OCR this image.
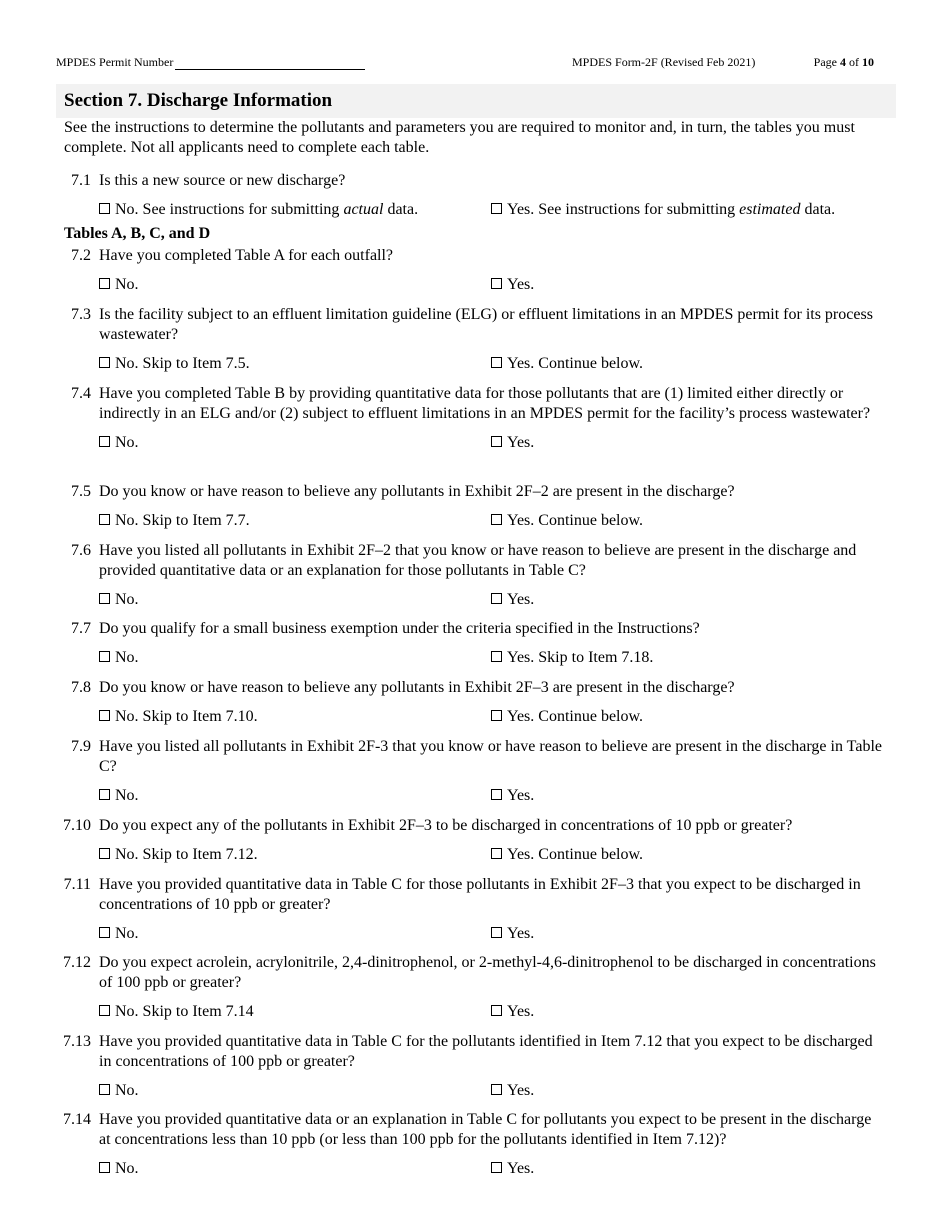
MPDES Permit Number	MPDES Form-2F (Revised Feb 2021)	Page 4 of 10
Section 7. Discharge Information
See the instructions to determine the pollutants and parameters you are required to monitor and, in turn, the tables you must complete. Not all applicants need to complete each table.
7.1 Is this a new source or new discharge?
No. See instructions for submitting actual data.	Yes. See instructions for submitting estimated data.
Tables A, B, C, and D
7.2 Have you completed Table A for each outfall?
No.	Yes.
7.3 Is the facility subject to an effluent limitation guideline (ELG) or effluent limitations in an MPDES permit for its process wastewater?
No. Skip to Item 7.5.	Yes. Continue below.
7.4 Have you completed Table B by providing quantitative data for those pollutants that are (1) limited either directly or indirectly in an ELG and/or (2) subject to effluent limitations in an MPDES permit for the facility’s process wastewater?
No.	Yes.
7.5 Do you know or have reason to believe any pollutants in Exhibit 2F–2 are present in the discharge?
No. Skip to Item 7.7.	Yes. Continue below.
7.6 Have you listed all pollutants in Exhibit 2F–2 that you know or have reason to believe are present in the discharge and provided quantitative data or an explanation for those pollutants in Table C?
No.	Yes.
7.7 Do you qualify for a small business exemption under the criteria specified in the Instructions?
No.	Yes. Skip to Item 7.18.
7.8 Do you know or have reason to believe any pollutants in Exhibit 2F–3 are present in the discharge?
No. Skip to Item 7.10.	Yes. Continue below.
7.9 Have you listed all pollutants in Exhibit 2F-3 that you know or have reason to believe are present in the discharge in Table C?
No.	Yes.
7.10 Do you expect any of the pollutants in Exhibit 2F–3 to be discharged in concentrations of 10 ppb or greater?
No. Skip to Item 7.12.	Yes. Continue below.
7.11 Have you provided quantitative data in Table C for those pollutants in Exhibit 2F–3 that you expect to be discharged in concentrations of 10 ppb or greater?
No.	Yes.
7.12 Do you expect acrolein, acrylonitrile, 2,4-dinitrophenol, or 2-methyl-4,6-dinitrophenol to be discharged in concentrations of 100 ppb or greater?
No. Skip to Item 7.14	Yes.
7.13 Have you provided quantitative data in Table C for the pollutants identified in Item 7.12 that you expect to be discharged in concentrations of 100 ppb or greater?
No.	Yes.
7.14 Have you provided quantitative data or an explanation in Table C for pollutants you expect to be present in the discharge at concentrations less than 10 ppb (or less than 100 ppb for the pollutants identified in Item 7.12)?
No.	Yes.
